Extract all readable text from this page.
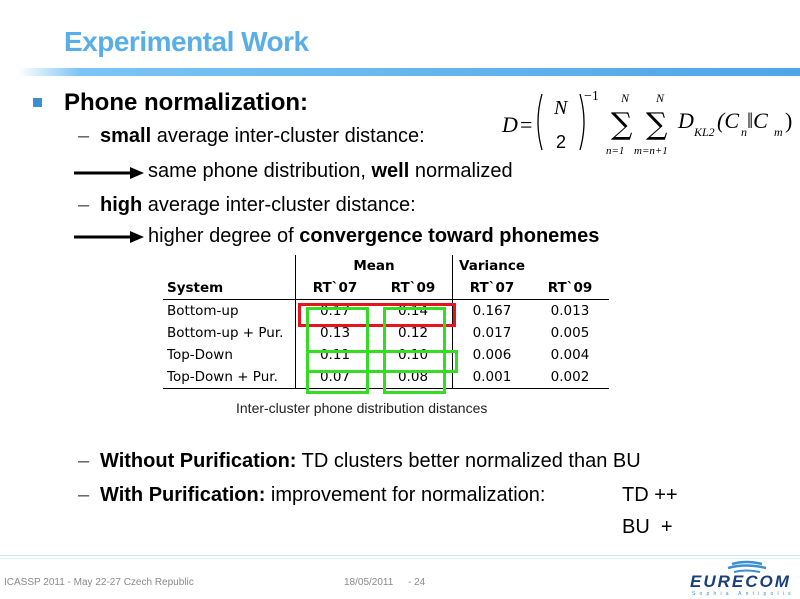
Experimental Work
Phone normalization:
D =
N
2
−1 N
∑
n=1
N
∑
m=n+1
D KL2 (C n ‖C m )
– small average inter-cluster distance:
same phone distribution, well normalized
– high average inter-cluster distance:
higher degree of convergence toward phonemes
	Mean		Variance	
System	RT`07	RT`09	RT`07	RT`09
Bottom-up	0.17	0.14	0.167	0.013
Bottom-up + Pur.	0.13	0.12	0.017	0.005
Top-Down	0.11	0.10	0.006	0.004
Top-Down + Pur.	0.07	0.08	0.001	0.002
Inter-cluster phone distribution distances
– Without Purification: TD clusters better normalized than BU
– With Purification: improvement for normalization:	TD ++
BU  +
ICASSP 2011 - May 22-27 Czech Republic	18/05/2011 - 24	EURECOM
Sophia Antipolis
